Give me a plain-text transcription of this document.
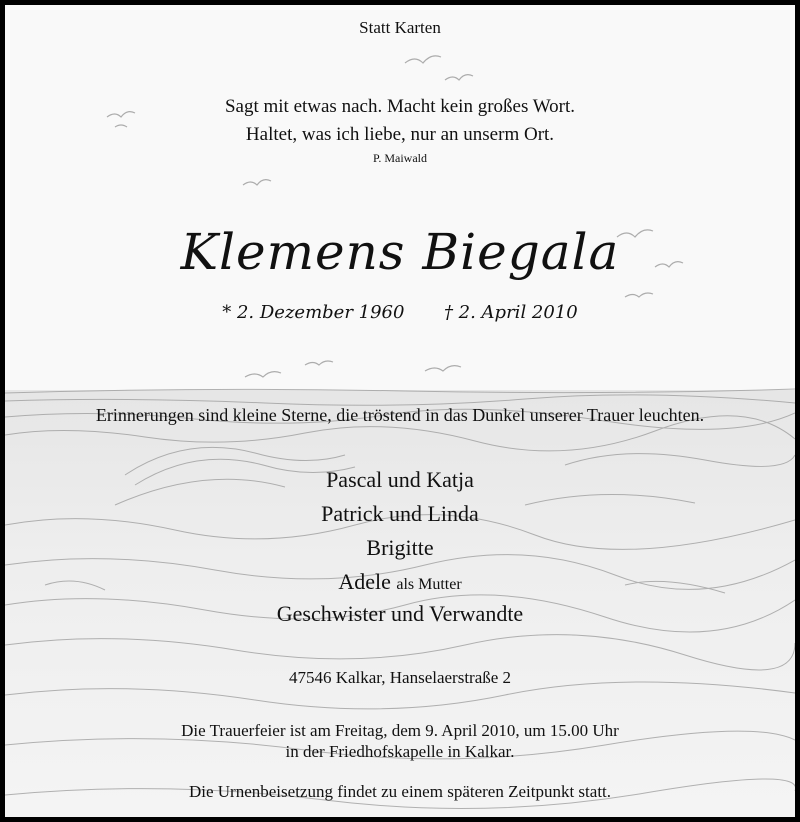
Statt Karten
Sagt mit etwas nach. Macht kein großes Wort.
Haltet, was ich liebe, nur an unserm Ort.
P. Maiwald
Klemens Biegala
* 2. Dezember 1960 † 2. April 2010
Erinnerungen sind kleine Sterne, die tröstend in das Dunkel unserer Trauer leuchten.
Pascal und Katja
Patrick und Linda
Brigitte
Adele als Mutter
Geschwister und Verwandte
47546 Kalkar, Hanselaerstraße 2
Die Trauerfeier ist am Freitag, dem 9. April 2010, um 15.00 Uhr
in der Friedhofskapelle in Kalkar.
Die Urnenbeisetzung findet zu einem späteren Zeitpunkt statt.
